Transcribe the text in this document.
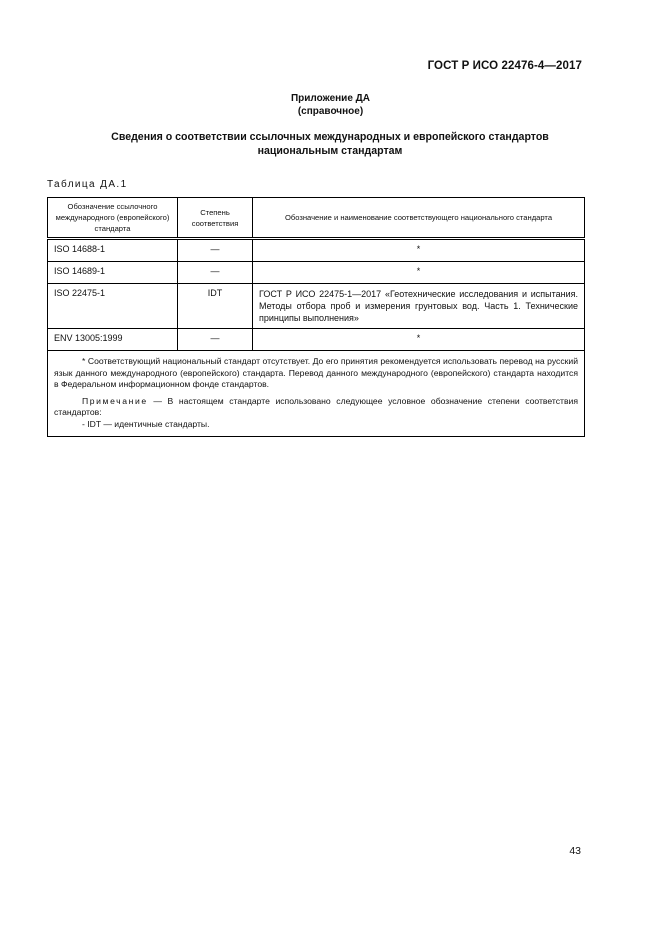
ГОСТ Р ИСО 22476-4—2017
Приложение ДА
(справочное)
Сведения о соответствии ссылочных международных и европейского стандартов
национальным стандартам
Таблица ДА.1
Обозначение ссылочного международного (европейского) стандарта	Степень соответствия	Обозначение и наименование соответствующего национального стандарта
ISO 14688-1	—	*
ISO 14689-1	—	*
ISO 22475-1	IDT	ГОСТ Р ИСО 22475-1—2017 «Геотехнические исследования и испытания. Методы отбора проб и измерения грунтовых вод. Часть 1. Технические принципы выполнения»
ENV 13005:1999	—	*

* Соответствующий национальный стандарт отсутствует. До его принятия рекомендуется использовать перевод на русский язык данного международного (европейского) стандарта. Перевод данного международного (европейского) стандарта находится в Федеральном информационном фонде стандартов.

Примечание — В настоящем стандарте использовано следующее условное обозначение степени соответствия стандартов:

- IDT — идентичные стандарты.		

43
